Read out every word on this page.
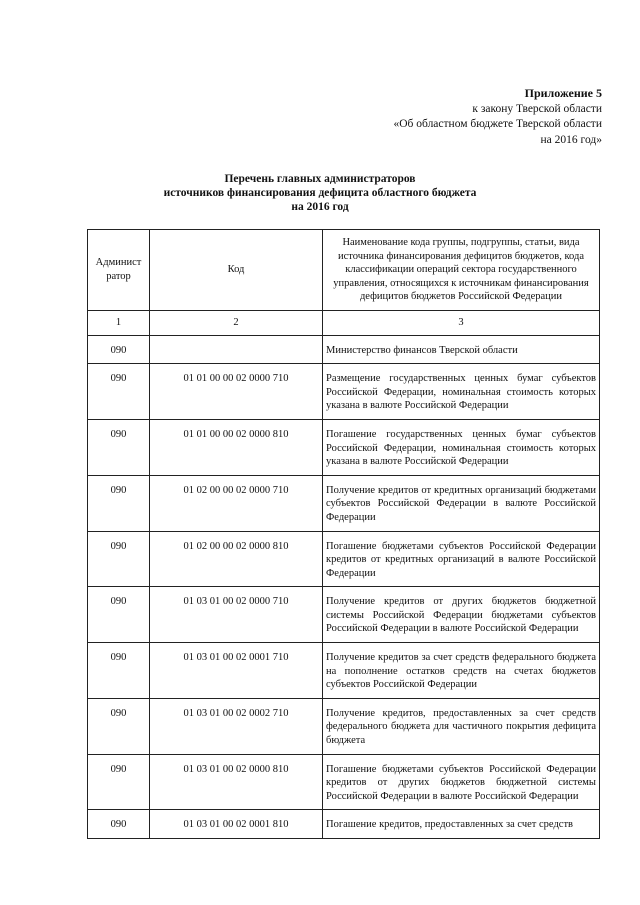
Приложение 5
к закону Тверской области
«Об областном бюджете Тверской области
на 2016 год»
Перечень главных администраторов
источников финансирования дефицита областного бюджета
на 2016 год
Админист ратор	Код	Наименование кода группы, подгруппы, статьи, вида источника финансирования дефицитов бюджетов, кода классификации операций сектора государственного управления, относящихся к источникам финансирования дефицитов бюджетов Российской Федерации
1	2	3
090		Министерство финансов Тверской области
090	01 01 00 00 02 0000 710	Размещение государственных ценных бумаг субъектов Российской Федерации, номинальная стоимость которых указана в валюте Российской Федерации
090	01 01 00 00 02 0000 810	Погашение государственных ценных бумаг субъектов Российской Федерации, номинальная стоимость которых указана в валюте Российской Федерации
090	01 02 00 00 02 0000 710	Получение кредитов от кредитных организаций бюджетами субъектов Российской Федерации в валюте Российской Федерации
090	01 02 00 00 02 0000 810	Погашение бюджетами субъектов Российской Федерации кредитов от кредитных организаций в валюте Российской Федерации
090	01 03 01 00 02 0000 710	Получение кредитов от других бюджетов бюджетной системы Российской Федерации бюджетами субъектов Российской Федерации в валюте Российской Федерации
090	01 03 01 00 02 0001 710	Получение кредитов за счет средств федерального бюджета на пополнение остатков средств на счетах бюджетов субъектов Российской Федерации
090	01 03 01 00 02 0002 710	Получение кредитов, предоставленных за счет средств федерального бюджета для частичного покрытия дефицита бюджета
090	01 03 01 00 02 0000 810	Погашение бюджетами субъектов Российской Федерации кредитов от других бюджетов бюджетной системы Российской Федерации в валюте Российской Федерации
090	01 03 01 00 02 0001 810	Погашение кредитов, предоставленных за счет средств
